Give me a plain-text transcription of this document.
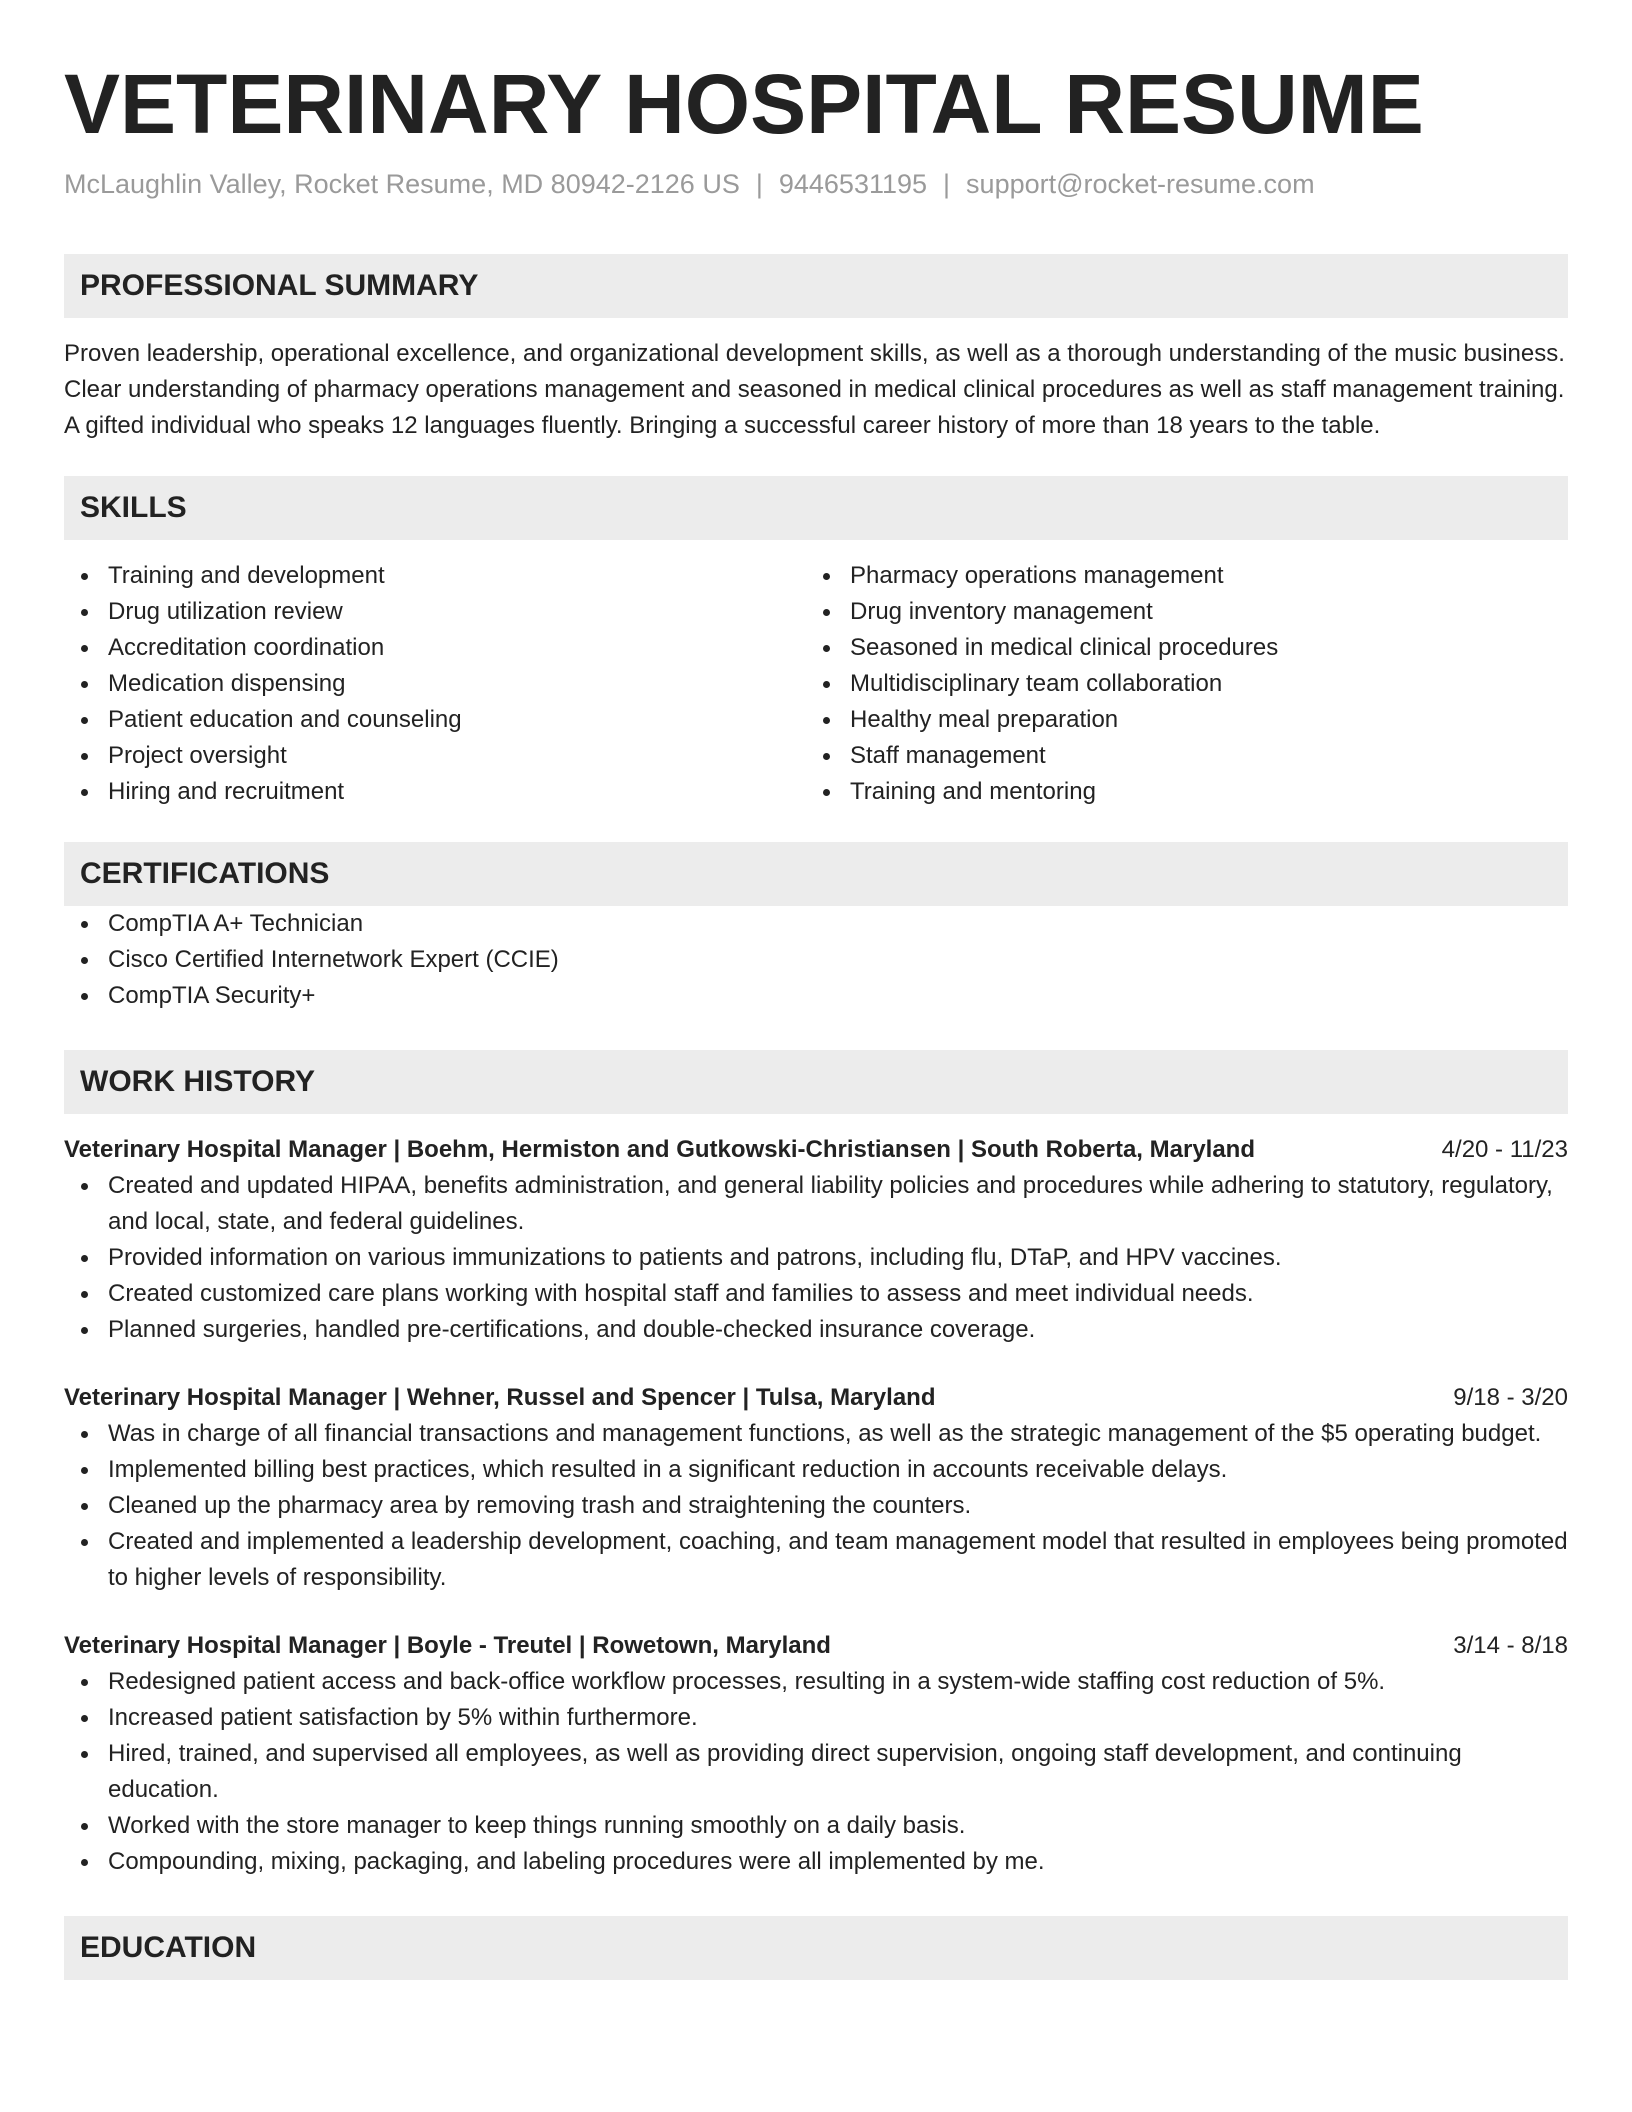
VETERINARY HOSPITAL RESUME
McLaughlin Valley, Rocket Resume, MD 80942-2126 US | 9446531195 | support@rocket-resume.com
PROFESSIONAL SUMMARY
Proven leadership, operational excellence, and organizational development skills, as well as a thorough understanding of the music business. Clear understanding of pharmacy operations management and seasoned in medical clinical procedures as well as staff management training. A gifted individual who speaks 12 languages fluently. Bringing a successful career history of more than 18 years to the table.
SKILLS
Training and development
Drug utilization review
Accreditation coordination
Medication dispensing
Patient education and counseling
Project oversight
Hiring and recruitment
Pharmacy operations management
Drug inventory management
Seasoned in medical clinical procedures
Multidisciplinary team collaboration
Healthy meal preparation
Staff management
Training and mentoring
CERTIFICATIONS
CompTIA A+ Technician
Cisco Certified Internetwork Expert (CCIE)
CompTIA Security+
WORK HISTORY
Veterinary Hospital Manager | Boehm, Hermiston and Gutkowski-Christiansen | South Roberta, Maryland	4/20 - 11/23
Created and updated HIPAA, benefits administration, and general liability policies and procedures while adhering to statutory, regulatory, and local, state, and federal guidelines.
Provided information on various immunizations to patients and patrons, including flu, DTaP, and HPV vaccines.
Created customized care plans working with hospital staff and families to assess and meet individual needs.
Planned surgeries, handled pre-certifications, and double-checked insurance coverage.
Veterinary Hospital Manager | Wehner, Russel and Spencer | Tulsa, Maryland	9/18 - 3/20
Was in charge of all financial transactions and management functions, as well as the strategic management of the $5 operating budget.
Implemented billing best practices, which resulted in a significant reduction in accounts receivable delays.
Cleaned up the pharmacy area by removing trash and straightening the counters.
Created and implemented a leadership development, coaching, and team management model that resulted in employees being promoted to higher levels of responsibility.
Veterinary Hospital Manager | Boyle - Treutel | Rowetown, Maryland	3/14 - 8/18
Redesigned patient access and back-office workflow processes, resulting in a system-wide staffing cost reduction of 5%.
Increased patient satisfaction by 5% within furthermore.
Hired, trained, and supervised all employees, as well as providing direct supervision, ongoing staff development, and continuing education.
Worked with the store manager to keep things running smoothly on a daily basis.
Compounding, mixing, packaging, and labeling procedures were all implemented by me.
EDUCATION
